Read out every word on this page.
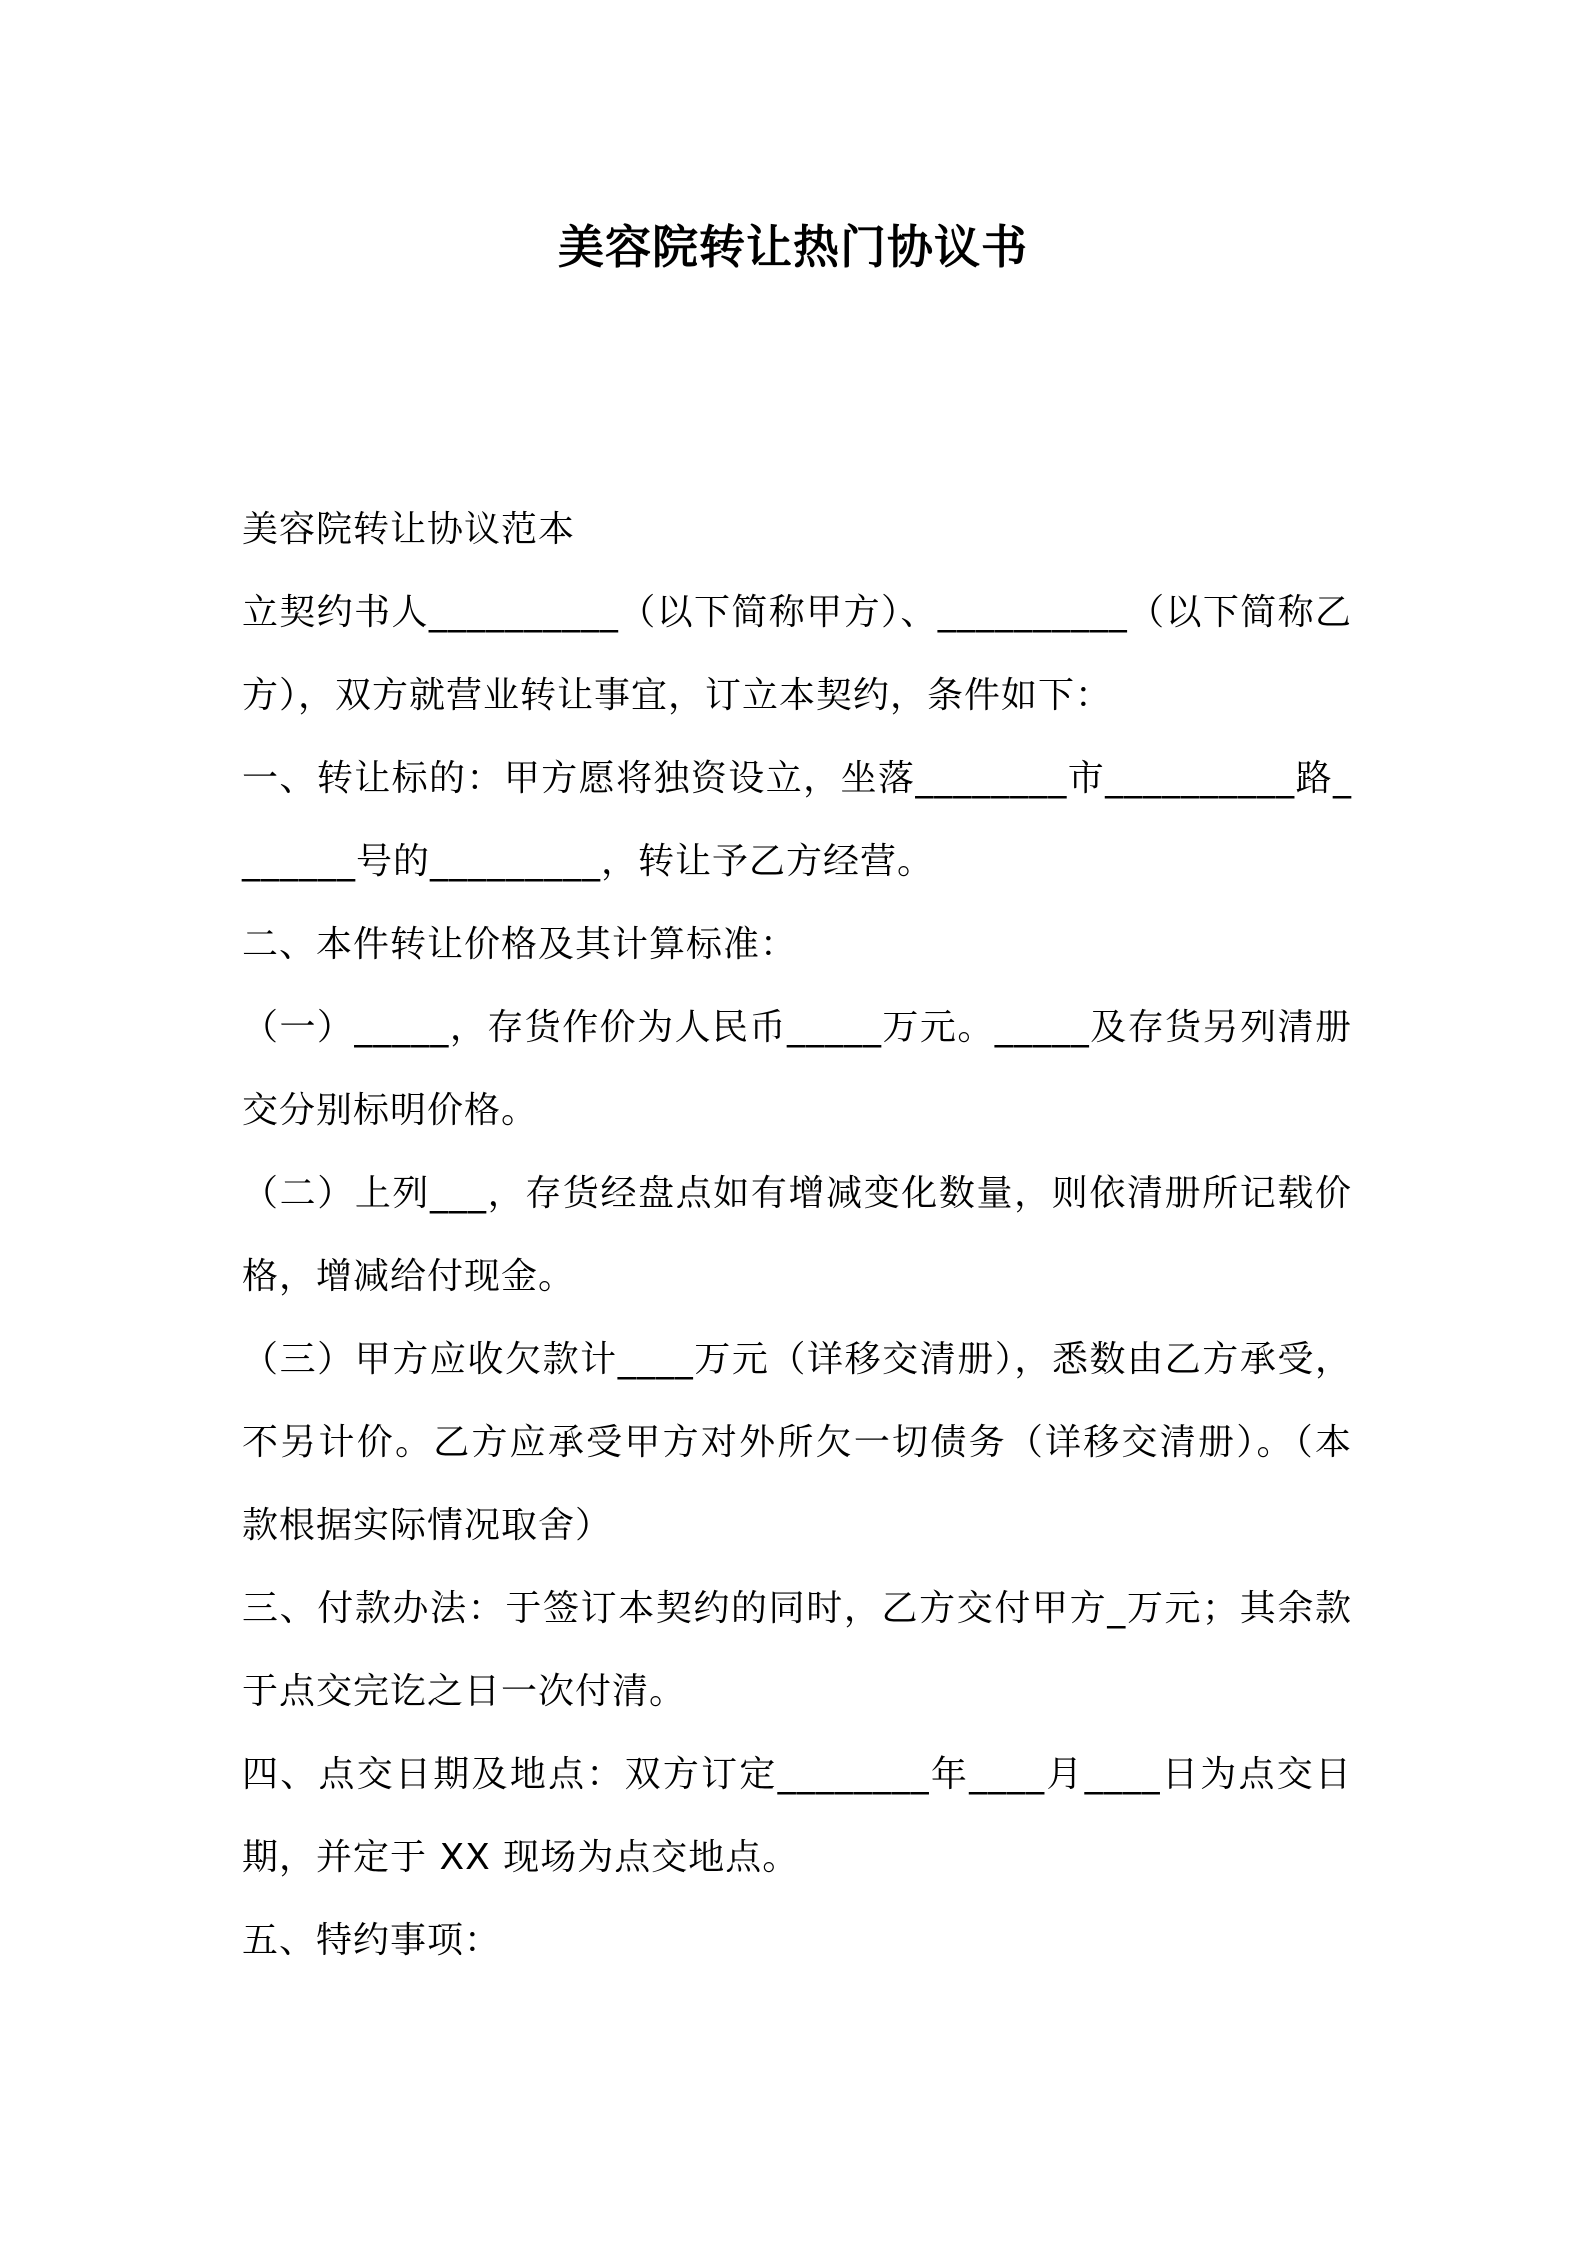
美容院转让热门协议书

美容院转让协议范本

立契约书人__________（以下简称甲方）、__________（以下简称乙方），双方就营业转让事宜，订立本契约，条件如下：

一、转让标的：甲方愿将独资设立，坐落________市__________路_______号的_________，转让予乙方经营。

二、本件转让价格及其计算标准：

（一）_____，存货作价为人民币_____万元。_____及存货另列清册交分别标明价格。

（二）上列___，存货经盘点如有增减变化数量，则依清册所记载价格，增减给付现金。

（三）甲方应收欠款计____万元（详移交清册），悉数由乙方承受，不另计价。乙方应承受甲方对外所欠一切债务（详移交清册）。（本款根据实际情况取舍）

三、付款办法：于签订本契约的同时，乙方交付甲方_万元；其余款于点交完讫之日一次付清。

四、点交日期及地点：双方订定________年____月____日为点交日期，并定于 XX 现场为点交地点。

五、特约事项：
